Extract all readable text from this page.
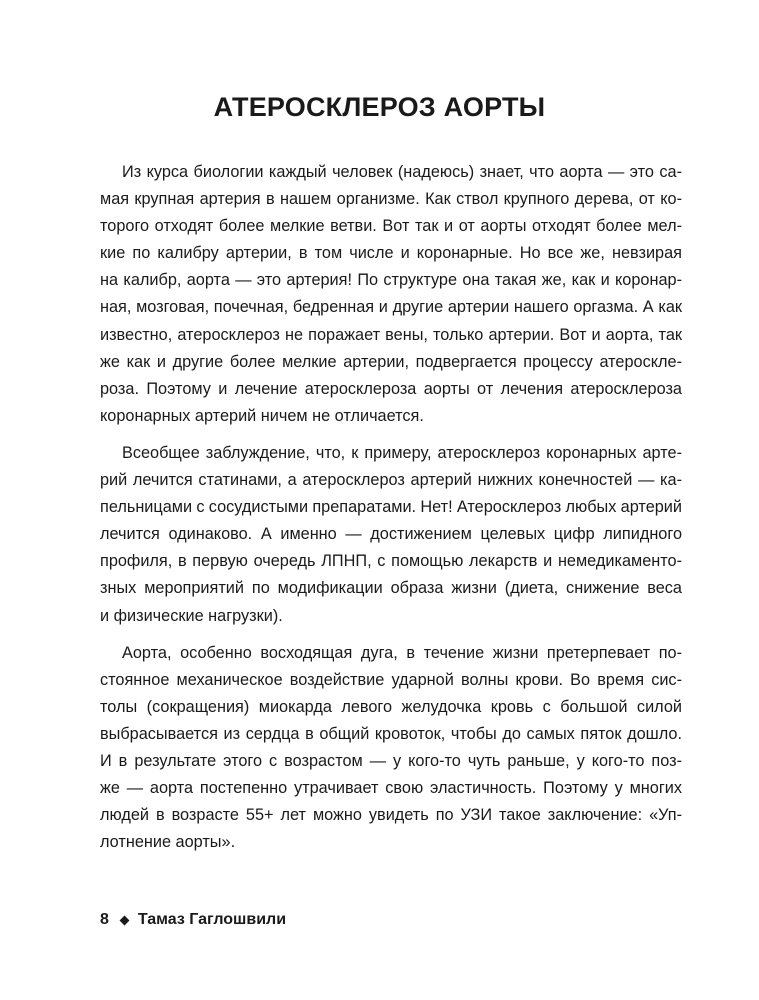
АТЕРОСКЛЕРОЗ АОРТЫ
Из курса биологии каждый человек (надеюсь) знает, что аорта — это са-
мая крупная артерия в нашем организме. Как ствол крупного дерева, от ко-
торого отходят более мелкие ветви. Вот так и от аорты отходят более мел-
кие по калибру артерии, в том числе и коронарные. Но все же, невзирая
на калибр, аорта — это артерия! По структуре она такая же, как и коронар-
ная, мозговая, почечная, бедренная и другие артерии нашего оргазма. А как
известно, атеросклероз не поражает вены, только артерии. Вот и аорта, так
же как и другие более мелкие артерии, подвергается процессу атероскле-
роза. Поэтому и лечение атеросклероза аорты от лечения атеросклероза
коронарных артерий ничем не отличается.
Всеобщее заблуждение, что, к примеру, атеросклероз коронарных арте-
рий лечится статинами, а атеросклероз артерий нижних конечностей — ка-
пельницами с сосудистыми препаратами. Нет! Атеросклероз любых артерий
лечится одинаково. А именно — достижением целевых цифр липидного
профиля, в первую очередь ЛПНП, с помощью лекарств и немедикаменто-
зных мероприятий по модификации образа жизни (диета, снижение веса
и физические нагрузки).
Аорта, особенно восходящая дуга, в течение жизни претерпевает по-
стоянное механическое воздействие ударной волны крови. Во время сис-
толы (сокращения) миокарда левого желудочка кровь с большой силой
выбрасывается из сердца в общий кровоток, чтобы до самых пяток дошло.
И в результате этого с возрастом — у кого-то чуть раньше, у кого-то поз-
же — аорта постепенно утрачивает свою эластичность. Поэтому у многих
людей в возрасте 55+ лет можно увидеть по УЗИ такое заключение: «Уп-
лотнение аорты».
8 Тамаз Гаглошвили
